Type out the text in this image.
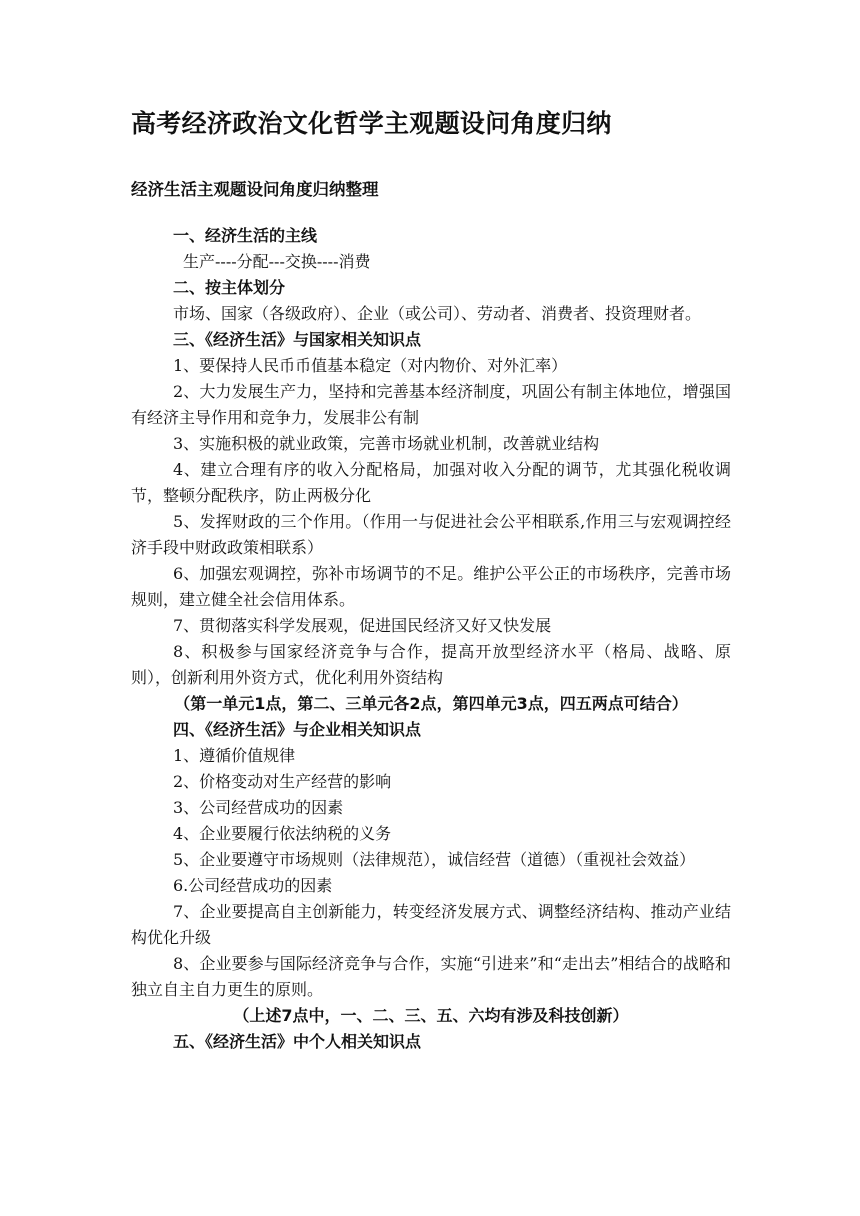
高考经济政治文化哲学主观题设问角度归纳
经济生活主观题设问角度归纳整理
一、经济生活的主线
生产----分配---交换----消费
二、按主体划分
市场、国家（各级政府）、企业（或公司）、劳动者、消费者、投资理财者。
三、《经济生活》与国家相关知识点
1、要保持人民币币值基本稳定（对内物价、对外汇率）
2、大力发展生产力，坚持和完善基本经济制度，巩固公有制主体地位，增强国有经济主导作用和竞争力，发展非公有制
3、实施积极的就业政策，完善市场就业机制，改善就业结构
4、建立合理有序的收入分配格局，加强对收入分配的调节，尤其强化税收调节，整顿分配秩序，防止两极分化
5、发挥财政的三个作用。（作用一与促进社会公平相联系,作用三与宏观调控经济手段中财政政策相联系）
6、加强宏观调控，弥补市场调节的不足。维护公平公正的市场秩序，完善市场规则，建立健全社会信用体系。
7、贯彻落实科学发展观，促进国民经济又好又快发展
8、积极参与国家经济竞争与合作，提高开放型经济水平（格局、战略、原则），创新利用外资方式，优化利用外资结构
（第一单元1点，第二、三单元各2点，第四单元3点，四五两点可结合）
四、《经济生活》与企业相关知识点
1、遵循价值规律
2、价格变动对生产经营的影响
3、公司经营成功的因素
4、企业要履行依法纳税的义务
5、企业要遵守市场规则（法律规范），诚信经营（道德）（重视社会效益）
6.公司经营成功的因素
7、企业要提高自主创新能力，转变经济发展方式、调整经济结构、推动产业结构优化升级
8、企业要参与国际经济竞争与合作，实施“引进来”和“走出去”相结合的战略和独立自主自力更生的原则。
（上述7点中，一、二、三、五、六均有涉及科技创新）
五、《经济生活》中个人相关知识点
